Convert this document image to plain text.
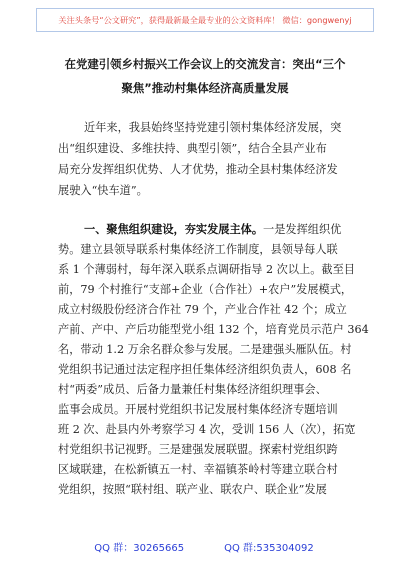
关注头条号“公文研究”，获得最新最全最专业的公文资料库！ 微信：gongwenyj
在党建引领乡村振兴工作会议上的交流发言：突出“三个
聚焦”推动村集体经济高质量发展
近年来，我县始终坚持党建引领村集体经济发展，突
出“组织建设、多维扶持、典型引领”，结合全县产业布
局充分发挥组织优势、人才优势，推动全县村集体经济发
展驶入“快车道”。
一、聚焦组织建设，夯实发展主体。一是发挥组织优
势。建立县领导联系村集体经济工作制度，县领导每人联
系 1 个薄弱村，每年深入联系点调研指导 2 次以上。截至目
前，79 个村推行“支部+企业（合作社）+农户”发展模式，
成立村级股份经济合作社 79 个，产业合作社 42 个；成立
产前、产中、产后功能型党小组 132 个，培育党员示范户 364
名，带动 1.2 万余名群众参与发展。二是建强头雁队伍。村
党组织书记通过法定程序担任集体经济组织负责人，608 名
村“两委”成员、后备力量兼任村集体经济组织理事会、
监事会成员。开展村党组织书记发展村集体经济专题培训
班 2 次、赴县内外考察学习 4 次，受训 156 人（次），拓宽
村党组织书记视野。三是建强发展联盟。探索村党组织跨
区域联建，在松新镇五一村、幸福镇茶岭村等建立联合村
党组织，按照“联村组、联产业、联农户、联企业”发展
QQ 群：30265665	QQ 群:535304092
